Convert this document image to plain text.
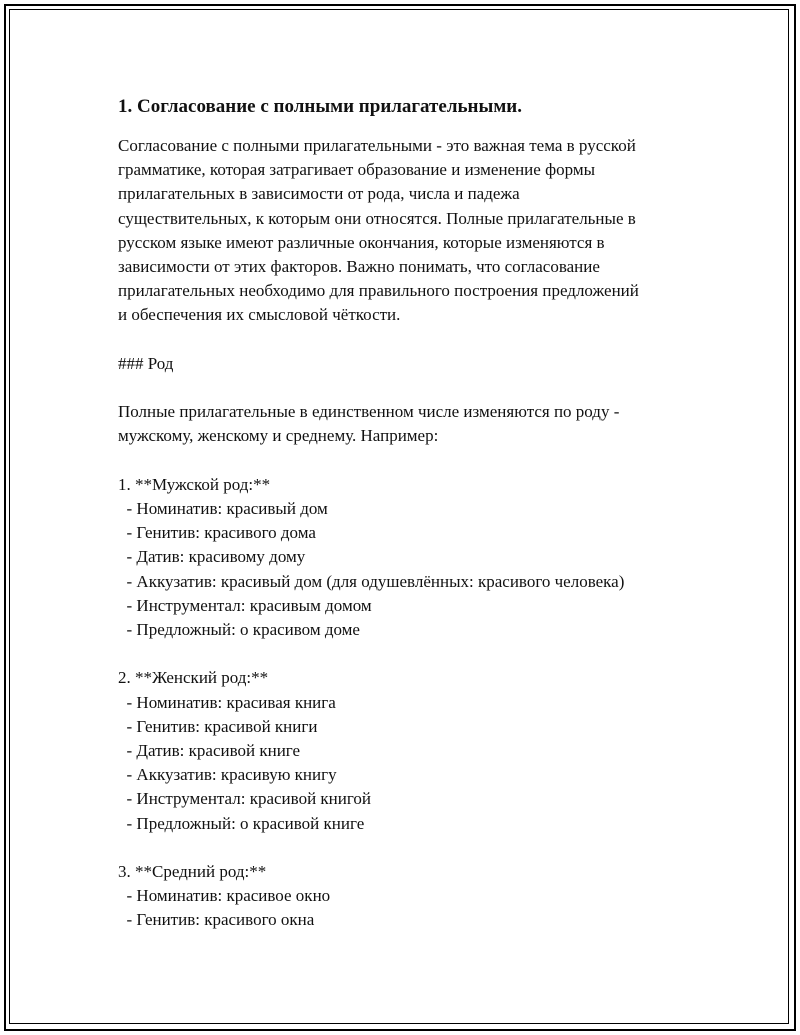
1. Согласование с полными прилагательными.
Согласование с полными прилагательными - это важная тема в русской
грамматике, которая затрагивает образование и изменение формы
прилагательных в зависимости от рода, числа и падежа
существительных, к которым они относятся. Полные прилагательные в
русском языке имеют различные окончания, которые изменяются в
зависимости от этих факторов. Важно понимать, что согласование
прилагательных необходимо для правильного построения предложений
и обеспечения их смысловой чёткости.
### Род
Полные прилагательные в единственном числе изменяются по роду -
мужскому, женскому и среднему. Например:
1. **Мужской род:**
- Номинатив: красивый дом
- Генитив: красивого дома
- Датив: красивому дому
- Аккузатив: красивый дом (для одушевлённых: красивого человека)
- Инструментал: красивым домом
- Предложный: о красивом доме
2. **Женский род:**
- Номинатив: красивая книга
- Генитив: красивой книги
- Датив: красивой книге
- Аккузатив: красивую книгу
- Инструментал: красивой книгой
- Предложный: о красивой книге
3. **Средний род:**
- Номинатив: красивое окно
- Генитив: красивого окна
